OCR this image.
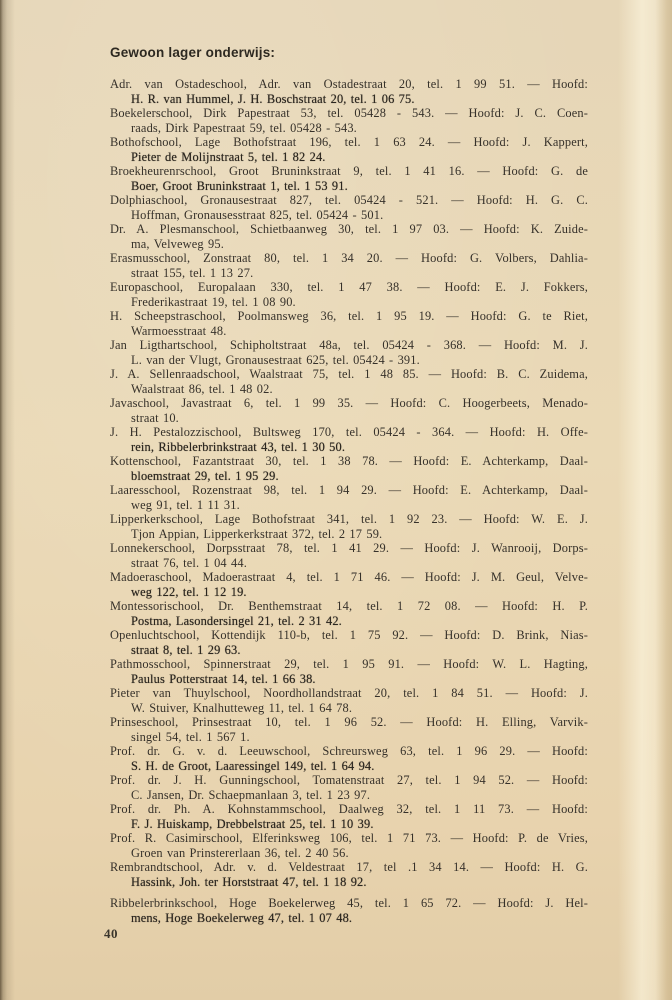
Gewoon lager onderwijs:
Adr. van Ostadeschool, Adr. van Ostadestraat 20, tel. 1 99 51. — Hoofd:
H. R. van Hummel, J. H. Boschstraat 20, tel. 1 06 75.
Boekelerschool, Dirk Papestraat 53, tel. 05428 - 543. — Hoofd: J. C. Coen-
raads, Dirk Papestraat 59, tel. 05428 - 543.
Bothofschool, Lage Bothofstraat 196, tel. 1 63 24. — Hoofd: J. Kappert,
Pieter de Molijnstraat 5, tel. 1 82 24.
Broekheurenrschool, Groot Bruninkstraat 9, tel. 1 41 16. — Hoofd: G. de
Boer, Groot Bruninkstraat 1, tel. 1 53 91.
Dolphiaschool, Gronausestraat 827, tel. 05424 - 521. — Hoofd: H. G. C.
Hoffman, Gronausesstraat 825, tel. 05424 - 501.
Dr. A. Plesmanschool, Schietbaanweg 30, tel. 1 97 03. — Hoofd: K. Zuide-
ma, Velveweg 95.
Erasmusschool, Zonstraat 80, tel. 1 34 20. — Hoofd: G. Volbers, Dahlia-
straat 155, tel. 1 13 27.
Europaschool, Europalaan 330, tel. 1 47 38. — Hoofd: E. J. Fokkers,
Frederikastraat 19, tel. 1 08 90.
H. Scheepstraschool, Poolmansweg 36, tel. 1 95 19. — Hoofd: G. te Riet,
Warmoesstraat 48.
Jan Ligthartschool, Schipholtstraat 48a, tel. 05424 - 368. — Hoofd: M. J.
L. van der Vlugt, Gronausestraat 625, tel. 05424 - 391.
J. A. Sellenraadschool, Waalstraat 75, tel. 1 48 85. — Hoofd: B. C. Zuidema,
Waalstraat 86, tel. 1 48 02.
Javaschool, Javastraat 6, tel. 1 99 35. — Hoofd: C. Hoogerbeets, Menado-
straat 10.
J. H. Pestalozzischool, Bultsweg 170, tel. 05424 - 364. — Hoofd: H. Offe-
rein, Ribbelerbrinkstraat 43, tel. 1 30 50.
Kottenschool, Fazantstraat 30, tel. 1 38 78. — Hoofd: E. Achterkamp, Daal-
bloemstraat 29, tel. 1 95 29.
Laaresschool, Rozenstraat 98, tel. 1 94 29. — Hoofd: E. Achterkamp, Daal-
weg 91, tel. 1 11 31.
Lipperkerkschool, Lage Bothofstraat 341, tel. 1 92 23. — Hoofd: W. E. J.
Tjon Appian, Lipperkerkstraat 372, tel. 2 17 59.
Lonnekerschool, Dorpsstraat 78, tel. 1 41 29. — Hoofd: J. Wanrooij, Dorps-
straat 76, tel. 1 04 44.
Madoeraschool, Madoerastraat 4, tel. 1 71 46. — Hoofd: J. M. Geul, Velve-
weg 122, tel. 1 12 19.
Montessorischool, Dr. Benthemstraat 14, tel. 1 72 08. — Hoofd: H. P.
Postma, Lasondersingel 21, tel. 2 31 42.
Openluchtschool, Kottendijk 110-b, tel. 1 75 92. — Hoofd: D. Brink, Nias-
straat 8, tel. 1 29 63.
Pathmosschool, Spinnerstraat 29, tel. 1 95 91. — Hoofd: W. L. Hagting,
Paulus Potterstraat 14, tel. 1 66 38.
Pieter van Thuylschool, Noordhollandstraat 20, tel. 1 84 51. — Hoofd: J.
W. Stuiver, Knalhutteweg 11, tel. 1 64 78.
Prinseschool, Prinsestraat 10, tel. 1 96 52. — Hoofd: H. Elling, Varvik-
singel 54, tel. 1 567 1.
Prof. dr. G. v. d. Leeuwschool, Schreursweg 63, tel. 1 96 29. — Hoofd:
S. H. de Groot, Laaressingel 149, tel. 1 64 94.
Prof. dr. J. H. Gunningschool, Tomatenstraat 27, tel. 1 94 52. — Hoofd:
C. Jansen, Dr. Schaepmanlaan 3, tel. 1 23 97.
Prof. dr. Ph. A. Kohnstammschool, Daalweg 32, tel. 1 11 73. — Hoofd:
F. J. Huiskamp, Drebbelstraat 25, tel. 1 10 39.
Prof. R. Casimirschool, Elferinksweg 106, tel. 1 71 73. — Hoofd: P. de Vries,
Groen van Prinstererlaan 36, tel. 2 40 56.
Rembrandtschool, Adr. v. d. Veldestraat 17, tel .1 34 14. — Hoofd: H. G.
Hassink, Joh. ter Horststraat 47, tel. 1 18 92.
Ribbelerbrinkschool, Hoge Boekelerweg 45, tel. 1 65 72. — Hoofd: J. Hel-
mens, Hoge Boekelerweg 47, tel. 1 07 48.
40
